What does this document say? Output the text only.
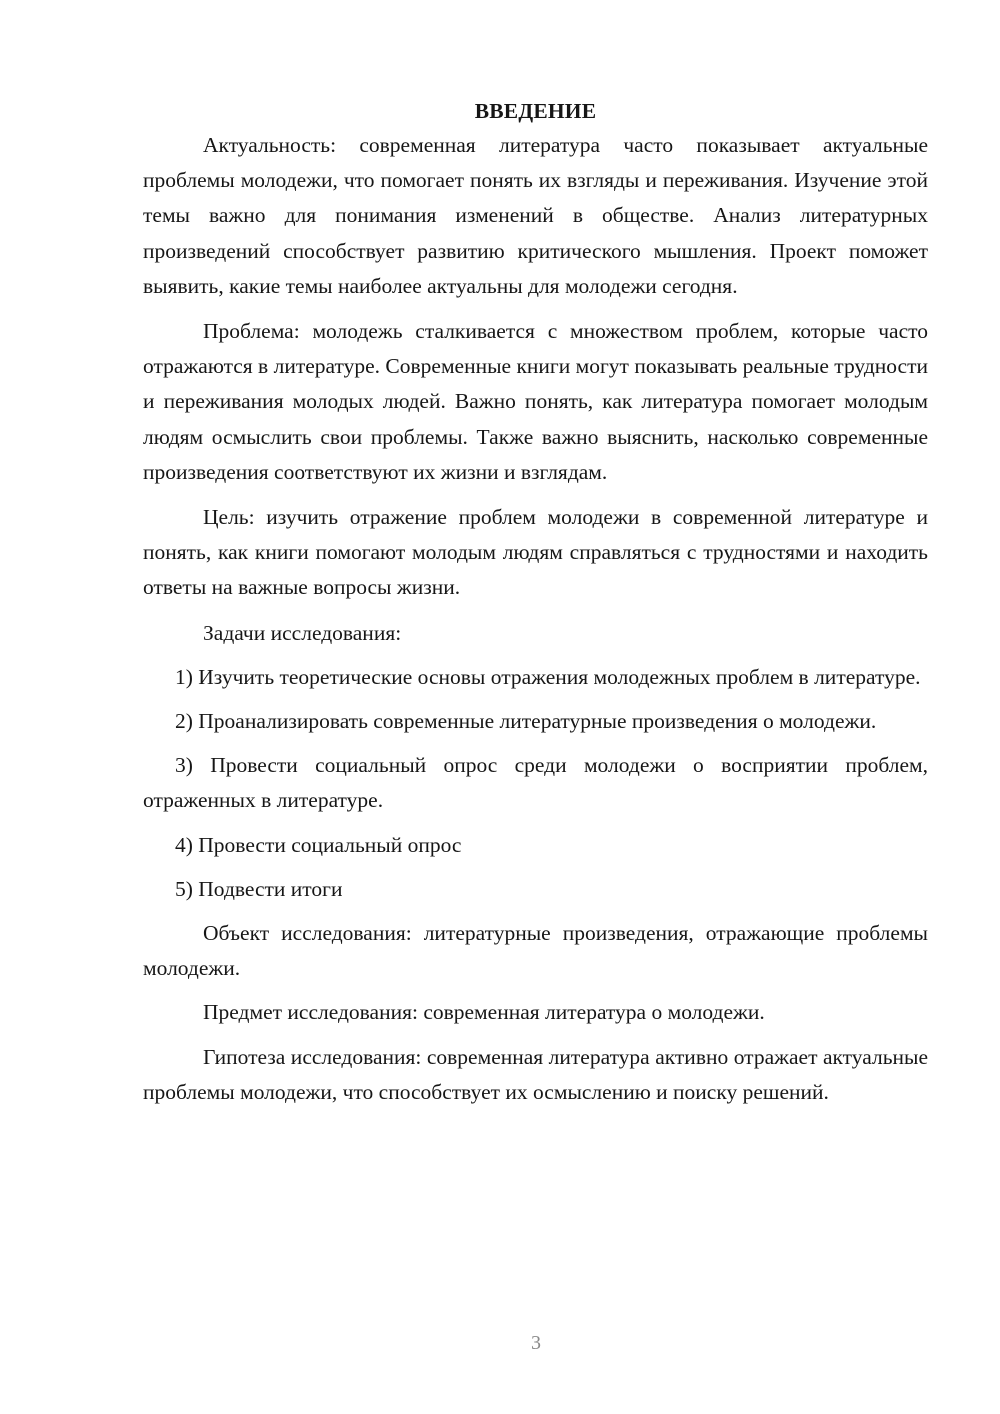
ВВЕДЕНИЕ

Актуальность: современная литература часто показывает актуальные проблемы молодежи, что помогает понять их взгляды и переживания. Изучение этой темы важно для понимания изменений в обществе. Анализ литературных произведений способствует развитию критического мышления. Проект поможет выявить, какие темы наиболее актуальны для молодежи сегодня.

Проблема: молодежь сталкивается с множеством проблем, которые часто отражаются в литературе. Современные книги могут показывать реальные трудности и переживания молодых людей. Важно понять, как литература помогает молодым людям осмыслить свои проблемы. Также важно выяснить, насколько современные произведения соответствуют их жизни и взглядам.

Цель: изучить отражение проблем молодежи в современной литературе и понять, как книги помогают молодым людям справляться с трудностями и находить ответы на важные вопросы жизни.

Задачи исследования:

1) Изучить теоретические основы отражения молодежных проблем в литературе.

2) Проанализировать современные литературные произведения о молодежи.

3) Провести социальный опрос среди молодежи о восприятии проблем, отраженных в литературе.

4) Провести социальный опрос

5) Подвести итоги

Объект исследования: литературные произведения, отражающие проблемы молодежи.

Предмет исследования: современная литература о молодежи.

Гипотеза исследования: современная литература активно отражает актуальные проблемы молодежи, что способствует их осмыслению и поиску решений.

3
